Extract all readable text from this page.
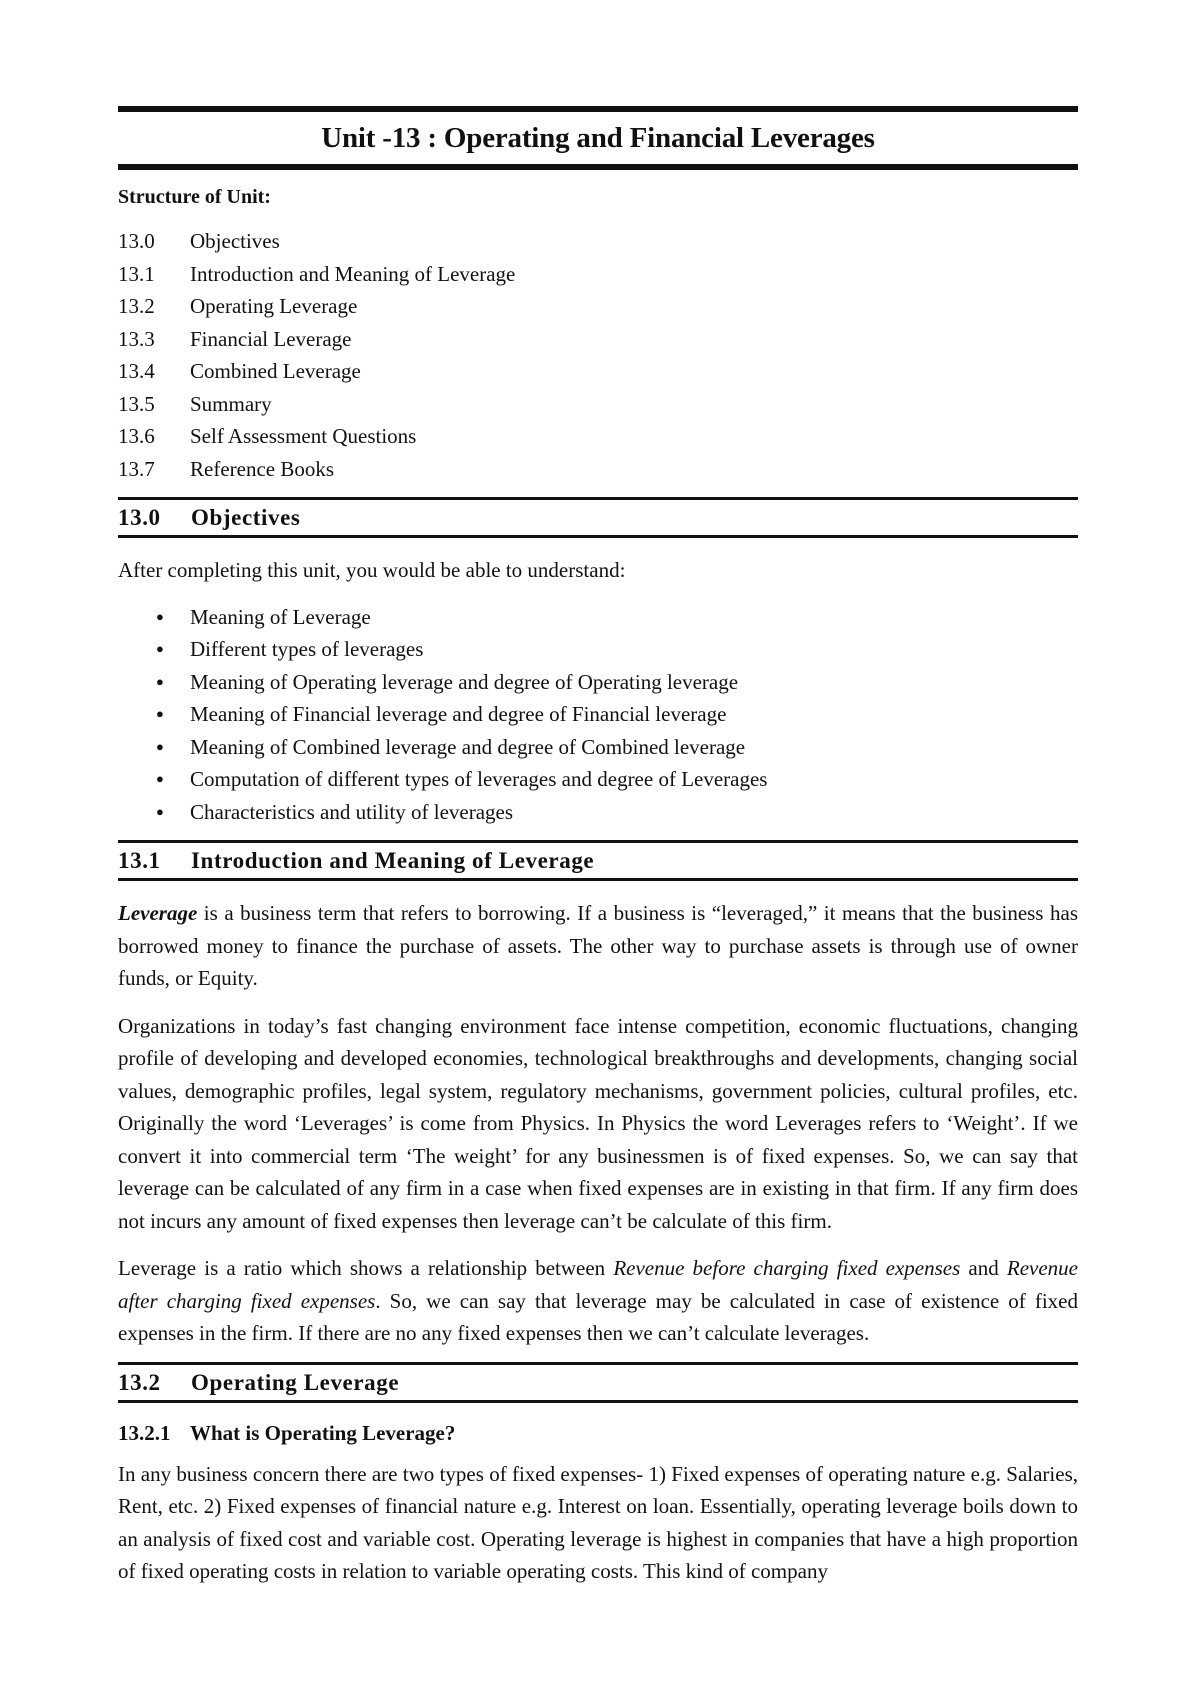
Unit -13 : Operating and Financial Leverages
Structure of Unit:
13.0	Objectives
13.1	Introduction and Meaning of Leverage
13.2	Operating Leverage
13.3	Financial Leverage
13.4	Combined Leverage
13.5	Summary
13.6	Self Assessment Questions
13.7	Reference Books
13.0 Objectives

After completing this unit, you would be able to understand:

● Meaning of Leverage
● Different types of leverages
● Meaning of Operating leverage and degree of Operating leverage
● Meaning of Financial leverage and degree of Financial leverage
● Meaning of Combined leverage and degree of Combined leverage
● Computation of different types of leverages and degree of Leverages
● Characteristics and utility of leverages
13.1 Introduction and Meaning of Leverage

Leverage is a business term that refers to borrowing. If a business is “leveraged,” it means that the business has borrowed money to finance the purchase of assets. The other way to purchase assets is through use of owner funds, or Equity.

Organizations in today’s fast changing environment face intense competition, economic fluctuations, changing profile of developing and developed economies, technological breakthroughs and developments, changing social values, demographic profiles, legal system, regulatory mechanisms, government policies, cultural profiles, etc. Originally the word ‘Leverages’ is come from Physics. In Physics the word Leverages refers to ‘Weight’. If we convert it into commercial term ‘The weight’ for any businessmen is of fixed expenses. So, we can say that leverage can be calculated of any firm in a case when fixed expenses are in existing in that firm. If any firm does not incurs any amount of fixed expenses then leverage can’t be calculate of this firm.

Leverage is a ratio which shows a relationship between Revenue before charging fixed expenses and Revenue after charging fixed expenses. So, we can say that leverage may be calculated in case of existence of fixed expenses in the firm. If there are no any fixed expenses then we can’t calculate leverages.

13.2 Operating Leverage
13.2.1 What is Operating Leverage?

In any business concern there are two types of fixed expenses- 1) Fixed expenses of operating nature e.g. Salaries, Rent, etc. 2) Fixed expenses of financial nature e.g. Interest on loan. Essentially, operating leverage boils down to an analysis of fixed cost and variable cost. Operating leverage is highest in companies that have a high proportion of fixed operating costs in relation to variable operating costs. This kind of company
